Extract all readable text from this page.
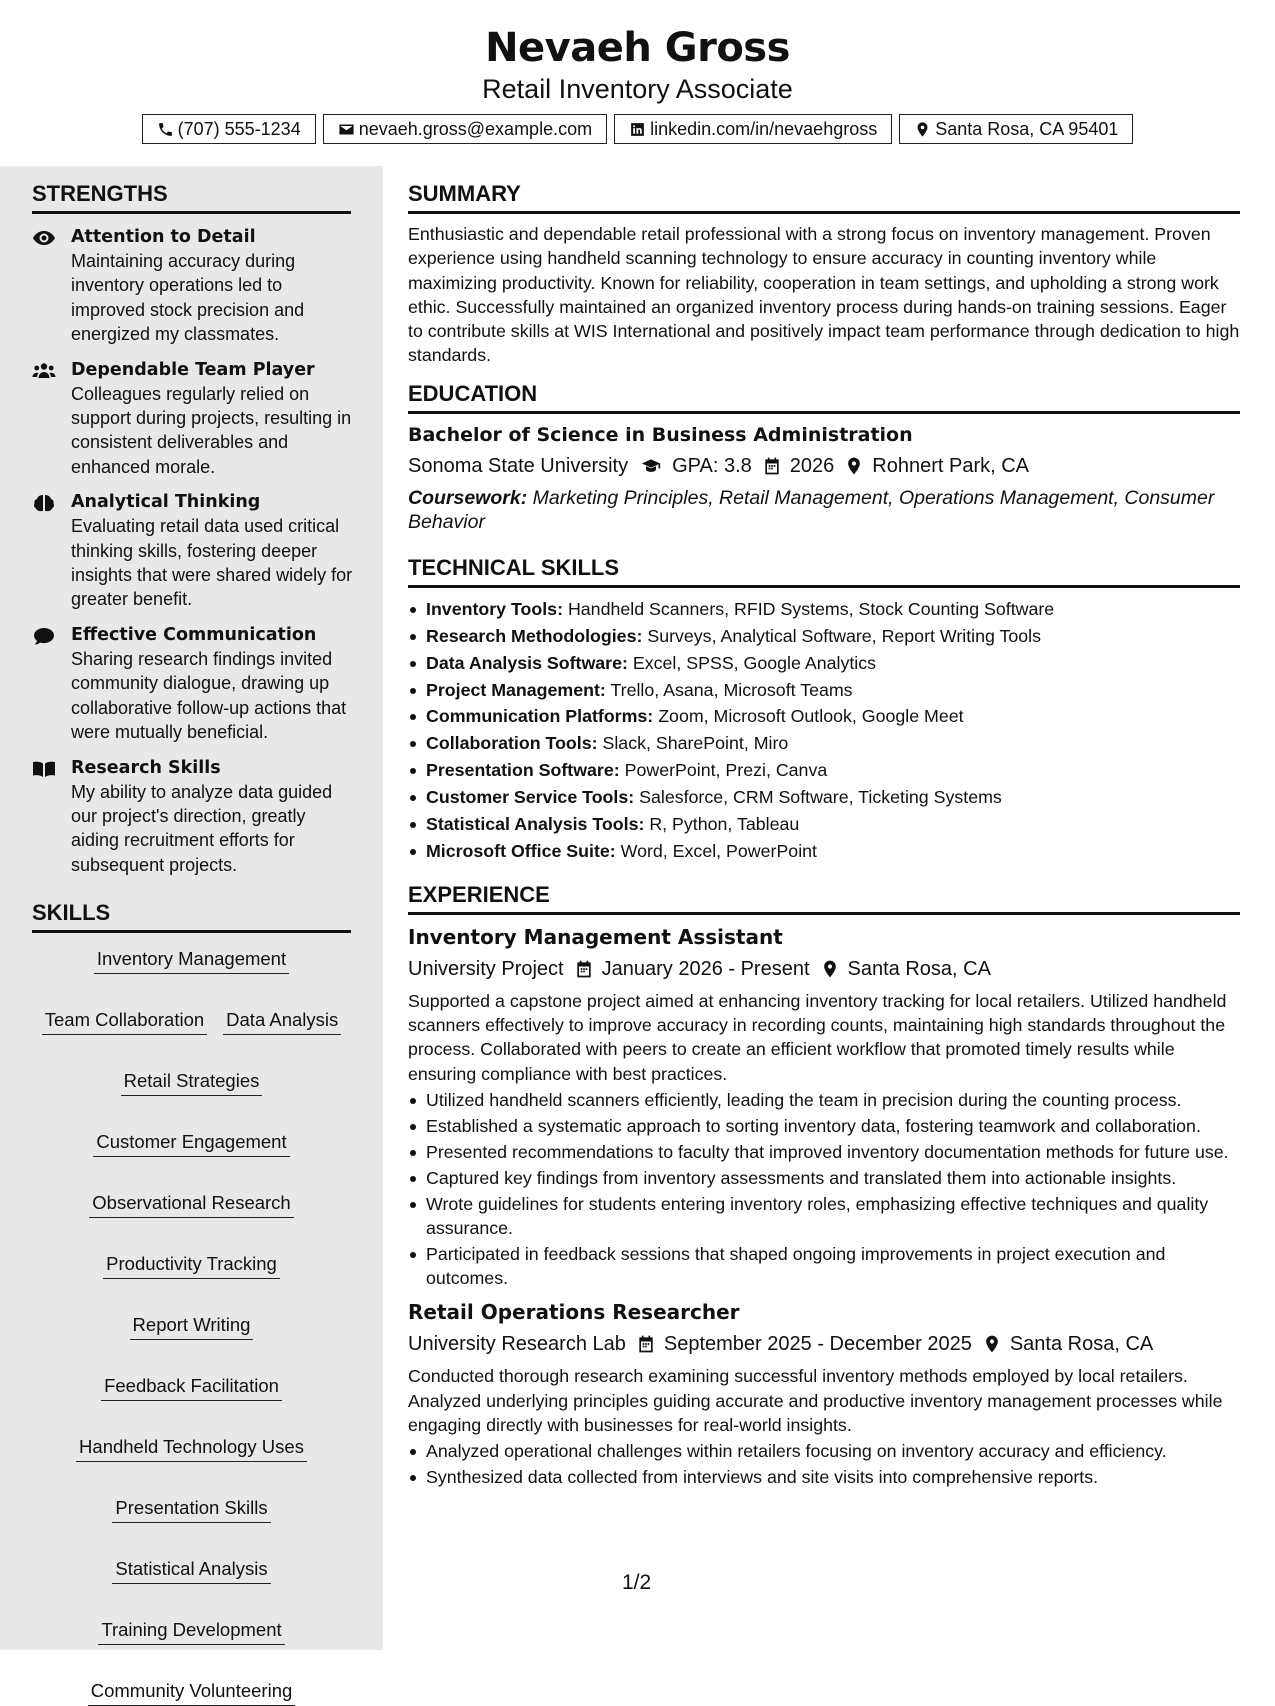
Nevaeh Gross
Retail Inventory Associate
(707) 555-1234	nevaeh.gross@example.com	linkedin.com/in/nevaehgross	Santa Rosa, CA 95401
STRENGTHS
Attention to Detail
Maintaining accuracy during inventory operations led to improved stock precision and energized my classmates.
Dependable Team Player
Colleagues regularly relied on support during projects, resulting in consistent deliverables and enhanced morale.
Analytical Thinking
Evaluating retail data used critical thinking skills, fostering deeper insights that were shared widely for greater benefit.
Effective Communication
Sharing research findings invited community dialogue, drawing up collaborative follow-up actions that were mutually beneficial.
Research Skills
My ability to analyze data guided our project's direction, greatly aiding recruitment efforts for subsequent projects.
SKILLS
Inventory Management
Team Collaboration Data Analysis
Retail Strategies
Customer Engagement
Observational Research
Productivity Tracking
Report Writing
Feedback Facilitation
Handheld Technology Uses
Presentation Skills
Statistical Analysis
Training Development
Community Volunteering
SUMMARY

Enthusiastic and dependable retail professional with a strong focus on inventory management. Proven experience using handheld scanning technology to ensure accuracy in counting inventory while maximizing productivity. Known for reliability, cooperation in team settings, and upholding a strong work ethic. Successfully maintained an organized inventory process during hands-on training sessions. Eager to contribute skills at WIS International and positively impact team performance through dedication to high standards.

EDUCATION
Bachelor of Science in Business Administration
Sonoma State University GPA: 3.8 2026 Rohnert Park, CA
Coursework: Marketing Principles, Retail Management, Operations Management, Consumer Behavior
TECHNICAL SKILLS
Inventory Tools: Handheld Scanners, RFID Systems, Stock Counting Software
Research Methodologies: Surveys, Analytical Software, Report Writing Tools
Data Analysis Software: Excel, SPSS, Google Analytics
Project Management: Trello, Asana, Microsoft Teams
Communication Platforms: Zoom, Microsoft Outlook, Google Meet
Collaboration Tools: Slack, SharePoint, Miro
Presentation Software: PowerPoint, Prezi, Canva
Customer Service Tools: Salesforce, CRM Software, Ticketing Systems
Statistical Analysis Tools: R, Python, Tableau
Microsoft Office Suite: Word, Excel, PowerPoint
EXPERIENCE
Inventory Management Assistant
University Project January 2026 - Present Santa Rosa, CA

Supported a capstone project aimed at enhancing inventory tracking for local retailers. Utilized handheld scanners effectively to improve accuracy in recording counts, maintaining high standards throughout the process. Collaborated with peers to create an efficient workflow that promoted timely results while ensuring compliance with best practices.

Utilized handheld scanners efficiently, leading the team in precision during the counting process.
Established a systematic approach to sorting inventory data, fostering teamwork and collaboration.
Presented recommendations to faculty that improved inventory documentation methods for future use.
Captured key findings from inventory assessments and translated them into actionable insights.
Wrote guidelines for students entering inventory roles, emphasizing effective techniques and quality assurance.
Participated in feedback sessions that shaped ongoing improvements in project execution and outcomes.
Retail Operations Researcher
University Research Lab September 2025 - December 2025 Santa Rosa, CA

Conducted thorough research examining successful inventory methods employed by local retailers. Analyzed underlying principles guiding accurate and productive inventory management processes while engaging directly with businesses for real-world insights.

Analyzed operational challenges within retailers focusing on inventory accuracy and efficiency.
Synthesized data collected from interviews and site visits into comprehensive reports.
1/2
